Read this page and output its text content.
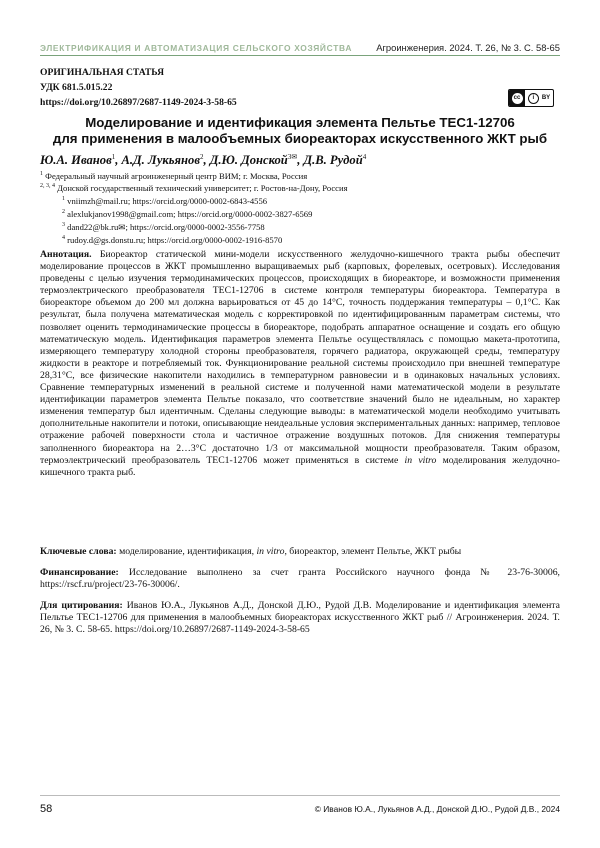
ЭЛЕКТРИФИКАЦИЯ И АВТОМАТИЗАЦИЯ СЕЛЬСКОГО ХОЗЯЙСТВА	Агроинженерия. 2024. Т. 26, № 3. С. 58-65
ОРИГИНАЛЬНАЯ СТАТЬЯ
УДК 681.5.015.22
https://doi.org/10.26897/2687-1149-2024-3-58-65	cc	i	BY
Моделирование и идентификация элемента Пельтье TEC1-12706
для применения в малообъемных биореакторах искусственного ЖКТ рыб
Ю.А. Иванов$^1$, А.Д. Лукьянов$^2$, Д.Ю. Донской$^{3✉}$, Д.В. Рудой$^4$
$^1$ Федеральный научный агроинженерный центр ВИМ; г. Москва, Россия
$^{2, 3, 4}$ Донской государственный технический университет; г. Ростов-на-Дону, Россия
$^1$ vniimzh@mail.ru; https://orcid.org/0000-0002-6843-4556
$^2$ alexlukjanov1998@gmail.com; https://orcid.org/0000-0002-3827-6569
$^3$ dand22@bk.ru✉; https://orcid.org/0000-0002-3556-7758
$^4$ rudoy.d@gs.donstu.ru; https://orcid.org/0000-0002-1916-8570

Аннотация. Биореактор статической мини-модели искусственного желудочно-кишечного тракта рыбы обеспечит моделирование процессов в ЖКТ промышленно выращиваемых рыб (карповых, форелевых, осетровых). Исследования проведены с целью изучения термодинамических процессов, происходящих в биореакторе, и возможности применения термоэлектрического преобразователя TEC1-12706 в системе контроля температуры биореактора. Температура в биореакторе объемом до 200 мл должна варьироваться от 45 до 14°С, точность поддержания температуры – 0,1°С. Как результат, была получена математическая модель с корректировкой по идентифицированным параметрам системы, что позволяет оценить термодинамические процессы в биореакторе, подобрать аппаратное оснащение и создать его общую математическую модель. Идентификация параметров элемента Пельтье осуществлялась с помощью макета-прототипа, измеряющего температуру холодной стороны преобразователя, горячего радиатора, окружающей среды, температуру жидкости в реакторе и потребляемый ток. Функционирование реальной системы происходило при внешней температуре 28,31°С, все физические накопители находились в температурном равновесии и в одинаковых начальных условиях. Сравнение температурных изменений в реальной системе и полученной нами математической модели в результате идентификации параметров элемента Пельтье показало, что соответствие значений было не идеальным, но характер изменения температур был идентичным. Сделаны следующие выводы: в математической модели необходимо учитывать дополнительные накопители и потоки, описывающие неидеальные условия экспериментальных данных: например, тепловое отражение рабочей поверхности стола и частичное отражение воздушных потоков. Для снижения температуры заполненного биореактора на 2…3°С достаточно 1/3 от максимальной мощности преобразователя. Таким образом, термоэлектрический преобразователь TEC1-12706 может применяться в системе in vitro моделирования желудочно-кишечного тракта рыб.

Ключевые слова: моделирование, идентификация, in vitro, биореактор, элемент Пельтье, ЖКТ рыбы

Финансирование: Исследование выполнено за счет гранта Российского научного фонда № 23-76-30006, https://rscf.ru/project/23-76-30006/.

Для цитирования: Иванов Ю.А., Лукьянов А.Д., Донской Д.Ю., Рудой Д.В. Моделирование и идентификация элемента Пельтье TEC1-12706 для применения в малообъемных биореакторах искусственного ЖКТ рыб // Агроинженерия. 2024. Т. 26, № 3. С. 58-65. https://doi.org/10.26897/2687-1149-2024-3-58-65

58	© Иванов Ю.А., Лукьянов А.Д., Донской Д.Ю., Рудой Д.В., 2024
